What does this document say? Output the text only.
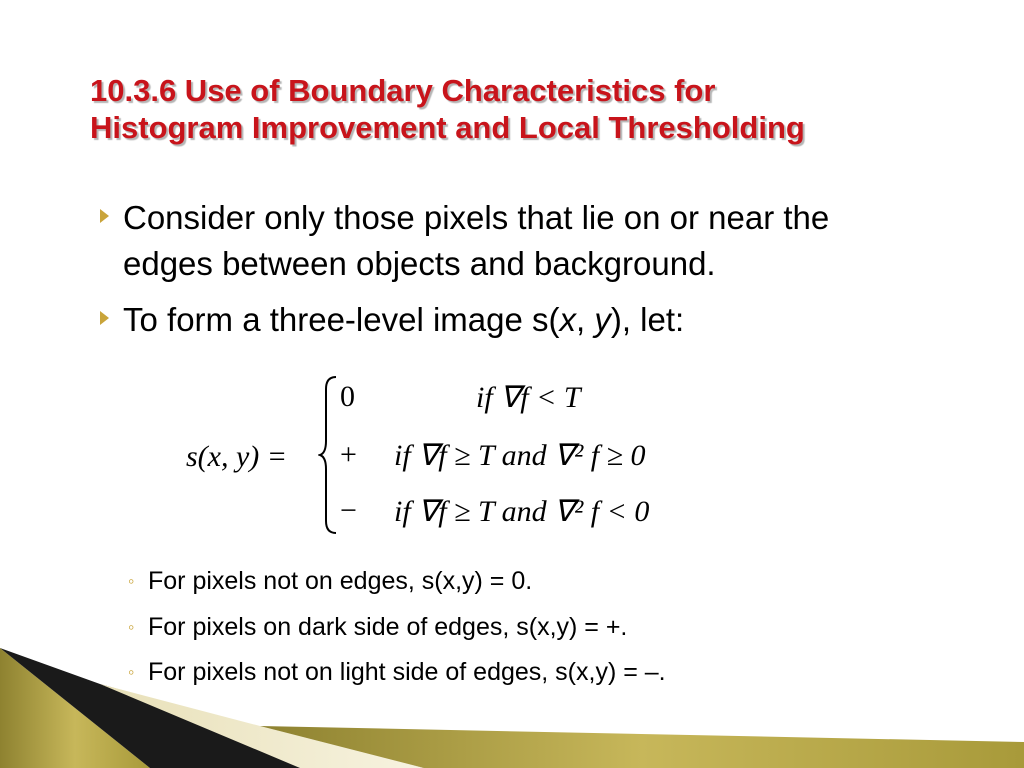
10.3.6 Use of Boundary Characteristics for
Histogram Improvement and Local Thresholding
Consider only those pixels that lie on or near the
edges between objects and background.
To form a three-level image s(x, y), let:
s(x, y) =
0	if ∇f < T
+ if ∇f ≥ T and ∇² f ≥ 0
− if ∇f ≥ T and ∇² f < 0
◦ For pixels not on edges, s(x,y) = 0.
◦ For pixels on dark side of edges, s(x,y) = +.
◦ For pixels not on light side of edges, s(x,y) = –.
